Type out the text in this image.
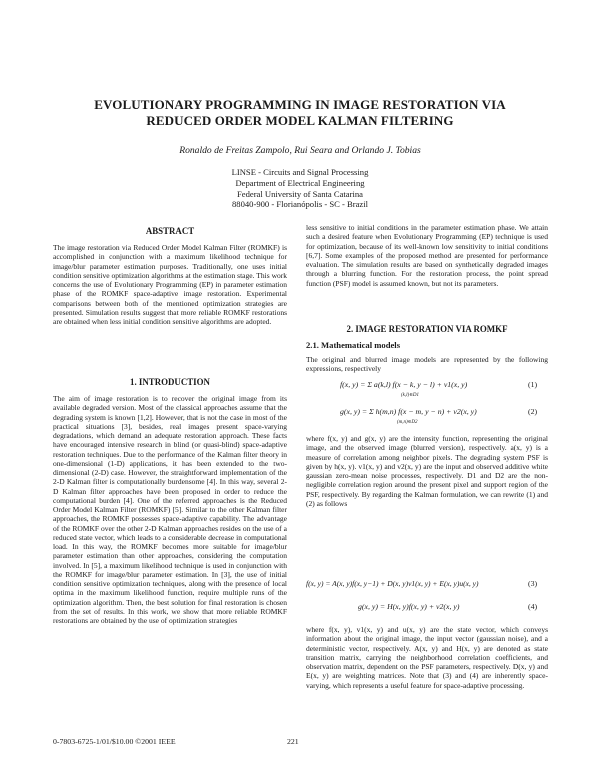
EVOLUTIONARY PROGRAMMING IN IMAGE RESTORATION VIA
REDUCED ORDER MODEL KALMAN FILTERING
Ronaldo de Freitas Zampolo, Rui Seara and Orlando J. Tobias
LINSE - Circuits and Signal Processing
Department of Electrical Engineering
Federal University of Santa Catarina
88040-900 - Florianópolis - SC - Brazil
ABSTRACT
The image restoration via Reduced Order Model Kalman Filter (ROMKF) is accomplished in conjunction with a maximum likelihood technique for image/blur parameter estimation purposes. Traditionally, one uses initial condition sensitive optimization algorithms at the estimation stage. This work concerns the use of Evolutionary Programming (EP) in parameter estimation phase of the ROMKF space-adaptive image restoration. Experimental comparisons between both of the mentioned optimization strategies are presented. Simulation results suggest that more reliable ROMKF restorations are obtained when less initial condition sensitive algorithms are adopted.
1. INTRODUCTION
The aim of image restoration is to recover the original image from its available degraded version. Most of the classical approaches assume that the degrading system is known [1,2]. However, that is not the case in most of the practical situations [3], besides, real images present space-varying degradations, which demand an adequate restoration approach. These facts have encouraged intensive research in blind (or quasi-blind) space-adaptive restoration techniques. Due to the performance of the Kalman filter theory in one-dimensional (1-D) applications, it has been extended to the two-dimensional (2-D) case. However, the straightforward implementation of the 2-D Kalman filter is computationally burdensome [4]. In this way, several 2-D Kalman filter approaches have been proposed in order to reduce the computational burden [4]. One of the referred approaches is the Reduced Order Model Kalman Filter (ROMKF) [5]. Similar to the other Kalman filter approaches, the ROMKF possesses space-adaptive capability. The advantage of the ROMKF over the other 2-D Kalman approaches resides on the use of a reduced state vector, which leads to a considerable decrease in computational load. In this way, the ROMKF becomes more suitable for image/blur parameter estimation than other approaches, considering the computation involved. In [5], a maximum likelihood technique is used in conjunction with the ROMKF for image/blur parameter estimation. In [3], the use of initial condition sensitive optimization techniques, along with the presence of local optima in the maximum likelihood function, require multiple runs of the optimization algorithm. Then, the best solution for final restoration is chosen from the set of results. In this work, we show that more reliable ROMKF restorations are obtained by the use of optimization strategies
less sensitive to initial conditions in the parameter estimation phase. We attain such a desired feature when Evolutionary Programming (EP) technique is used for optimization, because of its well-known low sensitivity to initial conditions [6,7]. Some examples of the proposed method are presented for performance evaluation. The simulation results are based on synthetically degraded images through a blurring function. For the restoration process, the point spread function (PSF) model is assumed known, but not its parameters.
2. IMAGE RESTORATION VIA ROMKF
2.1. Mathematical models
The original and blurred image models are represented by the following expressions, respectively
f(x, y) = Σ a(k,l) f(x − k, y − l) + v1(x, y)
(k,l)∈D1
(1)
g(x, y) = Σ h(m,n) f(x − m, y − n) + v2(x, y)
(m,n)∈D2
(2)
where f(x, y) and g(x, y) are the intensity function, representing the original image, and the observed image (blurred version), respectively. a(x, y) is a measure of correlation among neighbor pixels. The degrading system PSF is given by h(x, y). v1(x, y) and v2(x, y) are the input and observed additive white gaussian zero-mean noise processes, respectively. D1 and D2 are the non-negligible correlation region around the present pixel and support region of the PSF, respectively. By regarding the Kalman formulation, we can rewrite (1) and (2) as follows
f(x, y) = A(x, y)f(x, y−1) + D(x, y)v1(x, y) + E(x, y)u(x, y)	(3)
g(x, y) = H(x, y)f(x, y) + v2(x, y)	(4)
where f(x, y), v1(x, y) and u(x, y) are the state vector, which conveys information about the original image, the input vector (gaussian noise), and a deterministic vector, respectively. A(x, y) and H(x, y) are denoted as state transition matrix, carrying the neighborhood correlation coefficients, and observation matrix, dependent on the PSF parameters, respectively. D(x, y) and E(x, y) are weighting matrices. Note that (3) and (4) are inherently space-varying, which represents a useful feature for space-adaptive processing.
0-7803-6725-1/01/$10.00 ©2001 IEEE	221
